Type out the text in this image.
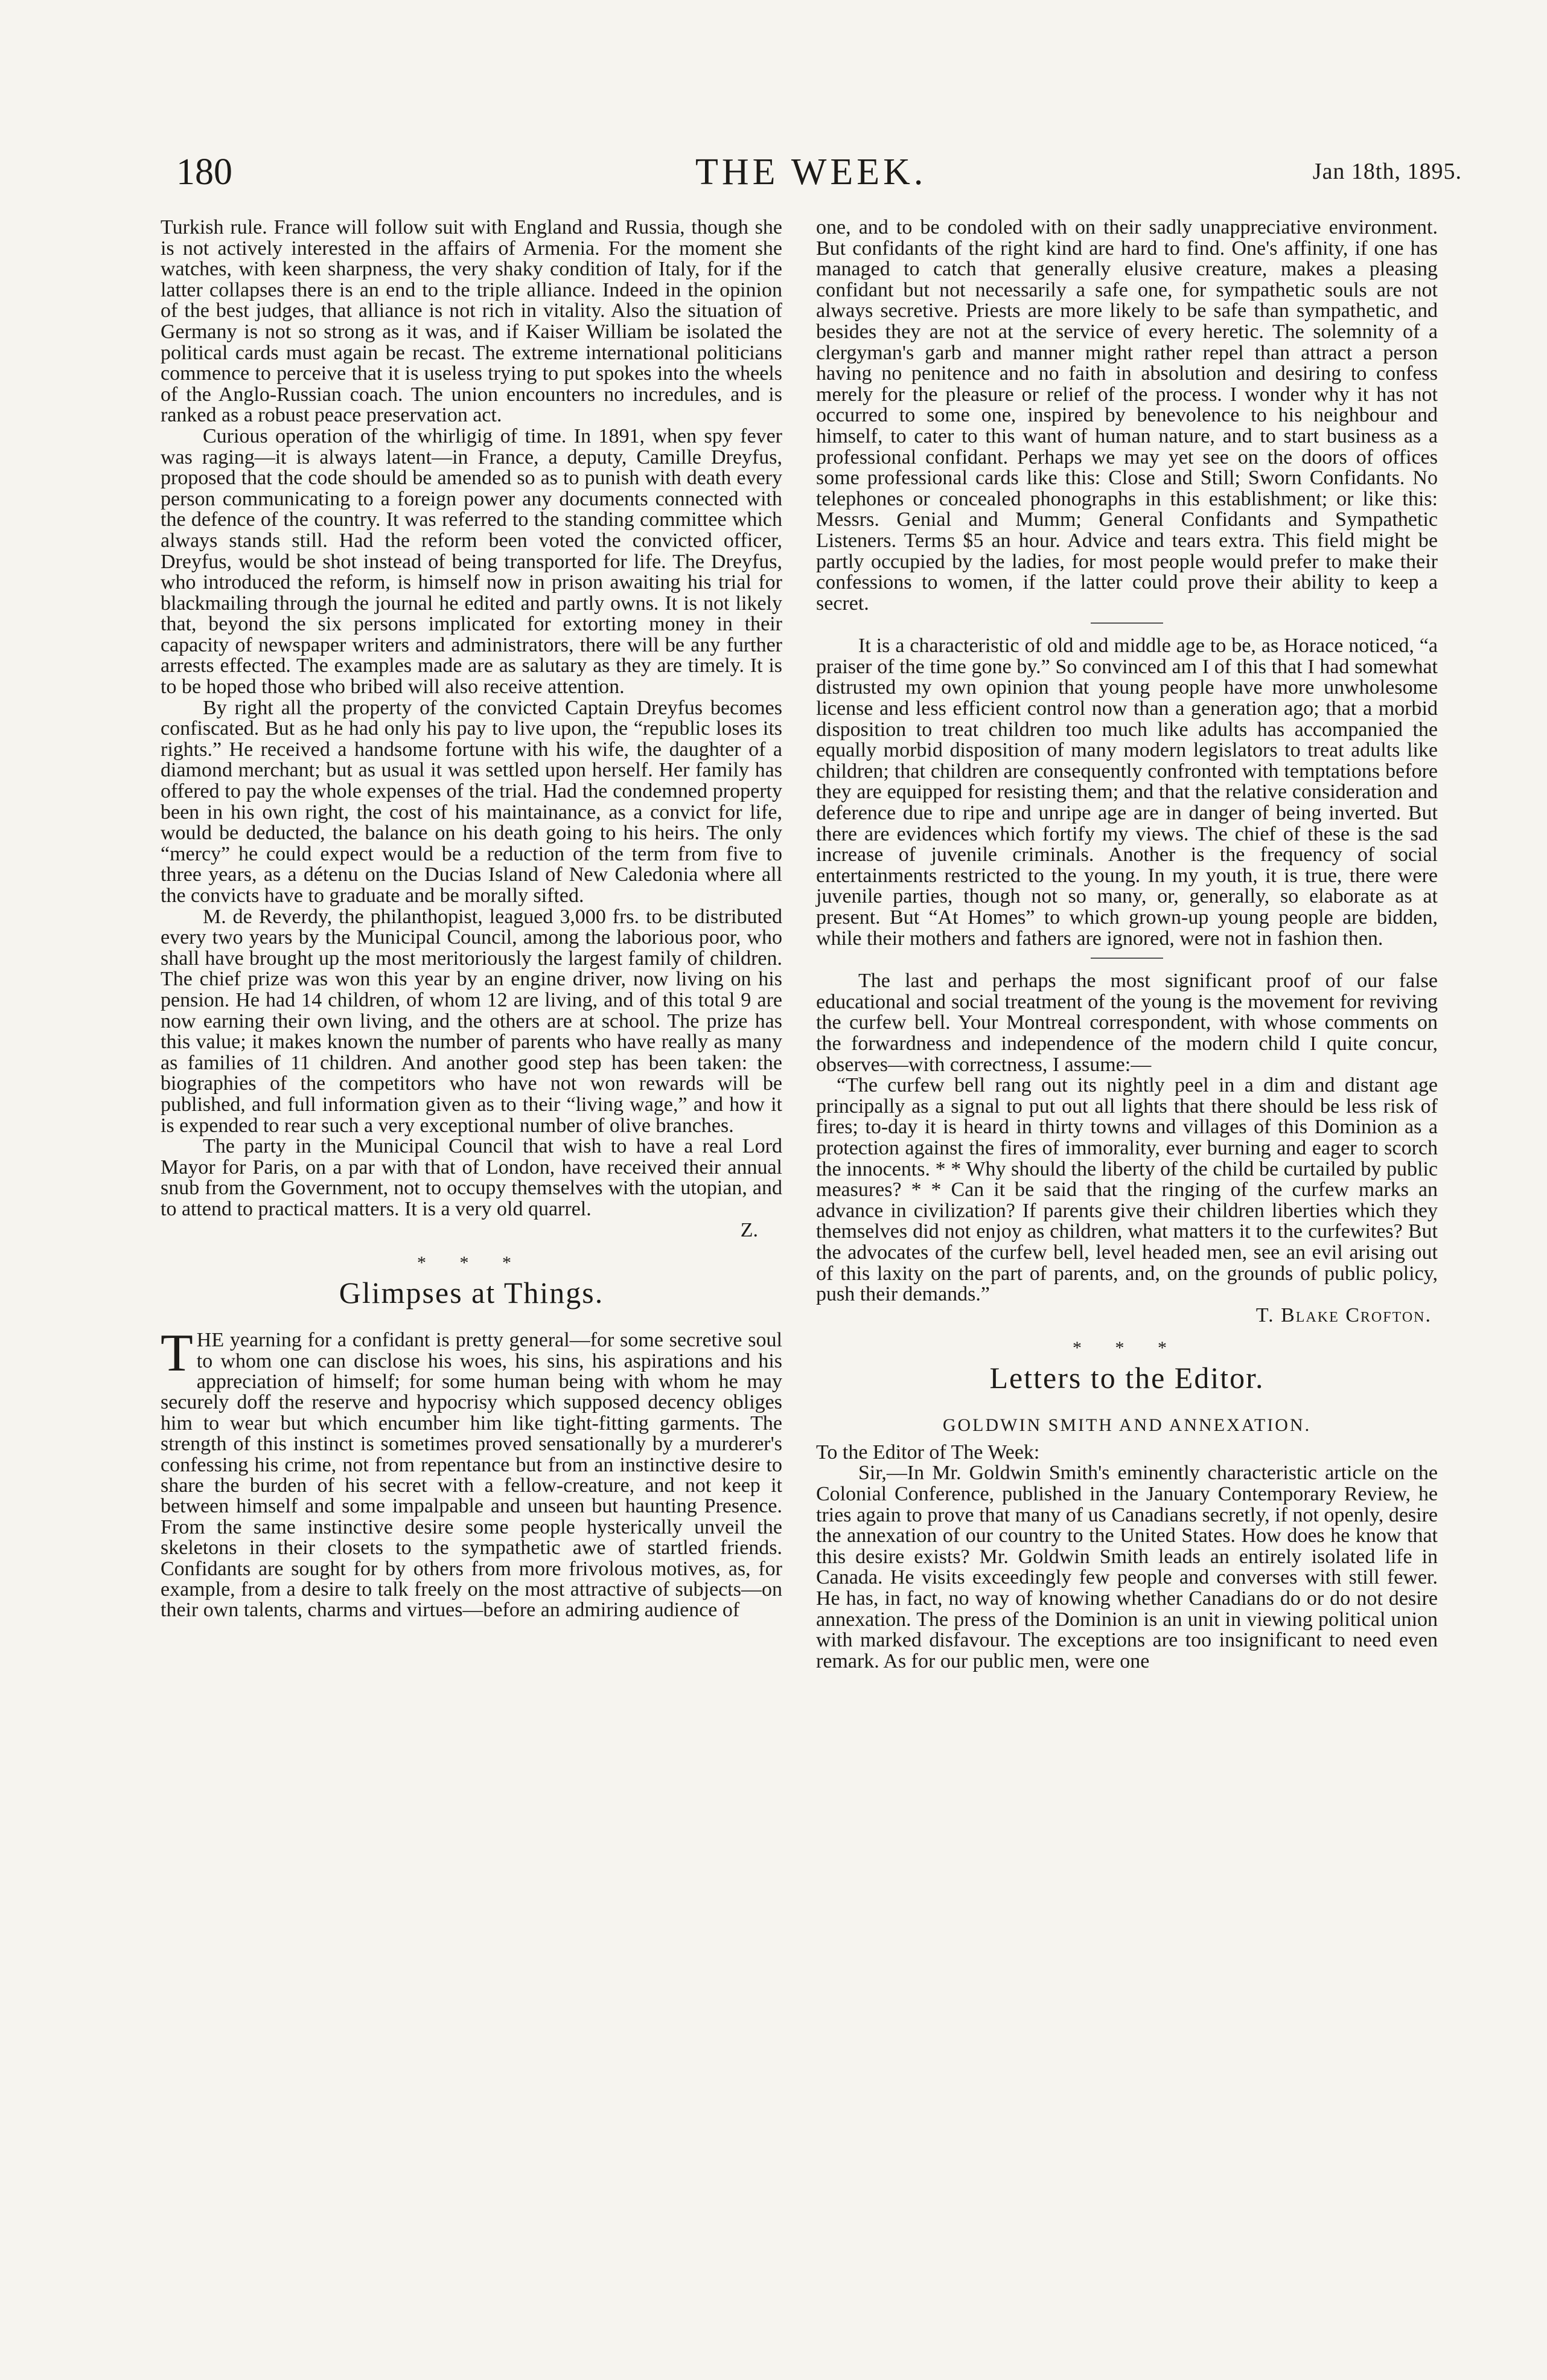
180	THE WEEK.	Jan 18th, 1895.

Turkish rule. France will follow suit with England and Russia, though she is not actively interested in the affairs of Armenia. For the moment she watches, with keen sharpness, the very shaky condition of Italy, for if the latter collapses there is an end to the triple alliance. Indeed in the opinion of the best judges, that alliance is not rich in vitality. Also the situation of Germany is not so strong as it was, and if Kaiser William be isolated the political cards must again be recast. The extreme international politicians commence to perceive that it is useless trying to put spokes into the wheels of the Anglo-Russian coach. The union encounters no incredules, and is ranked as a robust peace preservation act.

Curious operation of the whirligig of time. In 1891, when spy fever was raging—it is always latent—in France, a deputy, Camille Dreyfus, proposed that the code should be amended so as to punish with death every person communicating to a foreign power any documents connected with the defence of the country. It was referred to the standing committee which always stands still. Had the reform been voted the convicted officer, Dreyfus, would be shot instead of being transported for life. The Dreyfus, who introduced the reform, is himself now in prison awaiting his trial for blackmailing through the journal he edited and partly owns. It is not likely that, beyond the six persons implicated for extorting money in their capacity of newspaper writers and administrators, there will be any further arrests effected. The examples made are as salutary as they are timely. It is to be hoped those who bribed will also receive attention.

By right all the property of the convicted Captain Dreyfus becomes confiscated. But as he had only his pay to live upon, the “republic loses its rights.” He received a handsome fortune with his wife, the daughter of a diamond merchant; but as usual it was settled upon herself. Her family has offered to pay the whole expenses of the trial. Had the condemned property been in his own right, the cost of his maintainance, as a convict for life, would be deducted, the balance on his death going to his heirs. The only “mercy” he could expect would be a reduction of the term from five to three years, as a détenu on the Ducias Island of New Caledonia where all the convicts have to graduate and be morally sifted.

M. de Reverdy, the philanthopist, leagued 3,000 frs. to be distributed every two years by the Municipal Council, among the laborious poor, who shall have brought up the most meritoriously the largest family of children. The chief prize was won this year by an engine driver, now living on his pension. He had 14 children, of whom 12 are living, and of this total 9 are now earning their own living, and the others are at school. The prize has this value; it makes known the number of parents who have really as many as families of 11 children. And another good step has been taken: the biographies of the competitors who have not won rewards will be published, and full information given as to their “living wage,” and how it is expended to rear such a very exceptional number of olive branches.

The party in the Municipal Council that wish to have a real Lord Mayor for Paris, on a par with that of London, have received their annual snub from the Government, not to occupy themselves with the utopian, and to attend to practical matters. It is a very old quarrel.

Z.

* * *
Glimpses at Things.

THE yearning for a confidant is pretty general—for some secretive soul to whom one can disclose his woes, his sins, his aspirations and his appreciation of himself; for some human being with whom he may securely doff the reserve and hypocrisy which supposed decency obliges him to wear but which encumber him like tight-fitting garments. The strength of this instinct is sometimes proved sensationally by a murderer's confessing his crime, not from repentance but from an instinctive desire to share the burden of his secret with a fellow-creature, and not keep it between himself and some impalpable and unseen but haunting Presence. From the same instinctive desire some people hysterically unveil the skeletons in their closets to the sympathetic awe of startled friends. Confidants are sought for by others from more frivolous motives, as, for example, from a desire to talk freely on the most attractive of subjects—on their own talents, charms and virtues—before an admiring audience of

one, and to be condoled with on their sadly unappreciative environment. But confidants of the right kind are hard to find. One's affinity, if one has managed to catch that generally elusive creature, makes a pleasing confidant but not necessarily a safe one, for sympathetic souls are not always secretive. Priests are more likely to be safe than sympathetic, and besides they are not at the service of every heretic. The solemnity of a clergyman's garb and manner might rather repel than attract a person having no penitence and no faith in absolution and desiring to confess merely for the pleasure or relief of the process. I wonder why it has not occurred to some one, inspired by benevolence to his neighbour and himself, to cater to this want of human nature, and to start business as a professional confidant. Perhaps we may yet see on the doors of offices some professional cards like this: Close and Still; Sworn Confidants. No telephones or concealed phonographs in this establishment; or like this: Messrs. Genial and Mumm; General Confidants and Sympathetic Listeners. Terms $5 an hour. Advice and tears extra. This field might be partly occupied by the ladies, for most people would prefer to make their confessions to women, if the latter could prove their ability to keep a secret.

It is a characteristic of old and middle age to be, as Horace noticed, “a praiser of the time gone by.” So convinced am I of this that I had somewhat distrusted my own opinion that young people have more unwholesome license and less efficient control now than a generation ago; that a morbid disposition to treat children too much like adults has accompanied the equally morbid disposition of many modern legislators to treat adults like children; that children are consequently confronted with temptations before they are equipped for resisting them; and that the relative consideration and deference due to ripe and unripe age are in danger of being inverted. But there are evidences which fortify my views. The chief of these is the sad increase of juvenile criminals. Another is the frequency of social entertainments restricted to the young. In my youth, it is true, there were juvenile parties, though not so many, or, generally, so elaborate as at present. But “At Homes” to which grown-up young people are bidden, while their mothers and fathers are ignored, were not in fashion then.

The last and perhaps the most significant proof of our false educational and social treatment of the young is the movement for reviving the curfew bell. Your Montreal correspondent, with whose comments on the forwardness and independence of the modern child I quite concur, observes—with correctness, I assume:—

“The curfew bell rang out its nightly peel in a dim and distant age principally as a signal to put out all lights that there should be less risk of fires; to-day it is heard in thirty towns and villages of this Dominion as a protection against the fires of immorality, ever burning and eager to scorch the innocents. * * Why should the liberty of the child be curtailed by public measures? * * Can it be said that the ringing of the curfew marks an advance in civilization? If parents give their children liberties which they themselves did not enjoy as children, what matters it to the curfewites? But the advocates of the curfew bell, level headed men, see an evil arising out of this laxity on the part of parents, and, on the grounds of public policy, push their demands.”

T. Blake Crofton.

* * *
Letters to the Editor.
GOLDWIN SMITH AND ANNEXATION.

To the Editor of The Week:

Sir,—In Mr. Goldwin Smith's eminently characteristic article on the Colonial Conference, published in the January Contemporary Review, he tries again to prove that many of us Canadians secretly, if not openly, desire the annexation of our country to the United States. How does he know that this desire exists? Mr. Goldwin Smith leads an entirely isolated life in Canada. He visits exceedingly few people and converses with still fewer. He has, in fact, no way of knowing whether Canadians do or do not desire annexation. The press of the Dominion is an unit in viewing political union with marked disfavour. The exceptions are too insignificant to need even remark. As for our public men, were one
